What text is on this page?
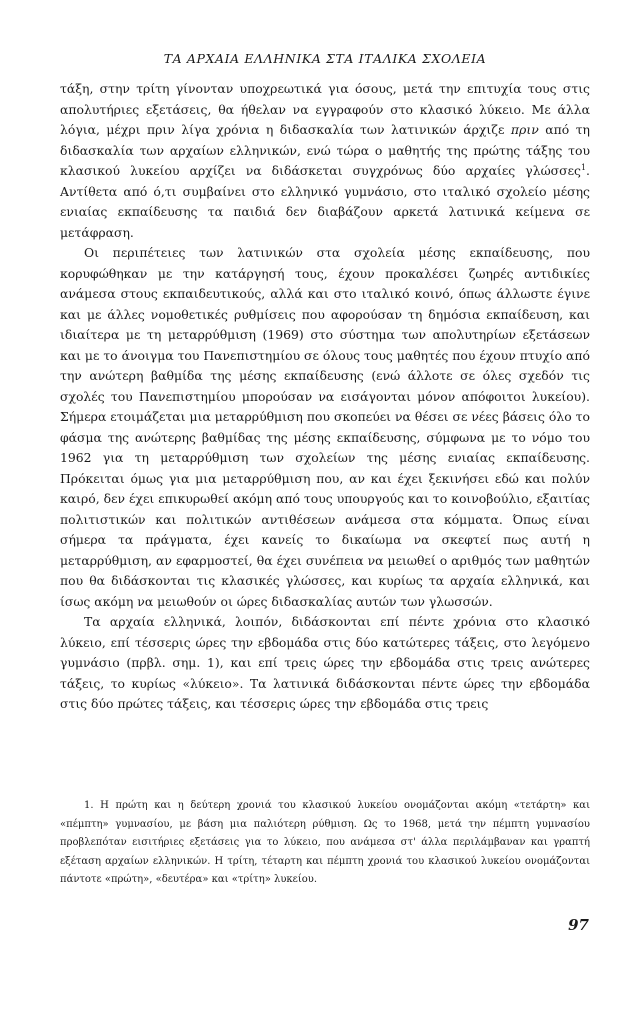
ΤΑ ΑΡΧΑΙΑ ΕΛΛΗΝΙΚΑ ΣΤΑ ΙΤΑΛΙΚΑ ΣΧΟΛΕΙΑ

τάξη, στην τρίτη γίνονταν υποχρεωτικά για όσους, μετά την επιτυχία τους στις απολυτήριες εξετάσεις, θα ήθελαν να εγγραφούν στο κλασικό λύκειο. Με άλλα λόγια, μέχρι πριν λίγα χρόνια η διδασκαλία των λατινικών άρχιζε πριν από τη διδασκαλία των αρχαίων ελληνικών, ενώ τώρα ο μαθητής της πρώτης τάξης του κλασικού λυκείου αρχίζει να διδάσκεται συγχρόνως δύο αρχαίες γλώσσες$^1$. Αντίθετα από ό,τι συμβαίνει στο ελληνικό γυμνάσιο, στο ιταλικό σχολείο μέσης ενιαίας εκπαίδευσης τα παιδιά δεν διαβάζουν αρκετά λατινικά κείμενα σε μετάφραση.

Οι περιπέτειες των λατινικών στα σχολεία μέσης εκπαίδευσης, που κορυφώθηκαν με την κατάργησή τους, έχουν προκαλέσει ζωηρές αντιδικίες ανάμεσα στους εκπαιδευτικούς, αλλά και στο ιταλικό κοινό, όπως άλλωστε έγινε και με άλλες νομοθετικές ρυθμίσεις που αφορούσαν τη δημόσια εκπαίδευση, και ιδιαίτερα με τη μεταρρύθμιση (1969) στο σύστημα των απολυτηρίων εξετάσεων και με το άνοιγμα του Πανεπιστημίου σε όλους τους μαθητές που έχουν πτυχίο από την ανώτερη βαθμίδα της μέσης εκπαίδευσης (ενώ άλλοτε σε όλες σχεδόν τις σχολές του Πανεπιστημίου μπορούσαν να εισάγονται μόνον απόφοιτοι λυκείου). Σήμερα ετοιμάζεται μια μεταρρύθμιση που σκοπεύει να θέσει σε νέες βάσεις όλο το φάσμα της ανώτερης βαθμίδας της μέσης εκπαίδευσης, σύμφωνα με το νόμο του 1962 για τη μεταρρύθμιση των σχολείων της μέσης ενιαίας εκπαίδευσης. Πρόκειται όμως για μια μεταρρύθμιση που, αν και έχει ξεκινήσει εδώ και πολύν καιρό, δεν έχει επικυρωθεί ακόμη από τους υπουργούς και το κοινοβούλιο, εξαιτίας πολιτιστικών και πολιτικών αντιθέσεων ανάμεσα στα κόμματα. Όπως είναι σήμερα τα πράγματα, έχει κανείς το δικαίωμα να σκεφτεί πως αυτή η μεταρρύθμιση, αν εφαρμοστεί, θα έχει συνέπεια να μειωθεί ο αριθμός των μαθητών που θα διδάσκονται τις κλασικές γλώσσες, και κυρίως τα αρχαία ελληνικά, και ίσως ακόμη να μειωθούν οι ώρες διδασκαλίας αυτών των γλωσσών.

Τα αρχαία ελληνικά, λοιπόν, διδάσκονται επί πέντε χρόνια στο κλασικό λύκειο, επί τέσσερις ώρες την εβδομάδα στις δύο κατώτερες τάξεις, στο λεγόμενο γυμνάσιο (πρβλ. σημ. 1), και επί τρεις ώρες την εβδομάδα στις τρεις ανώτερες τάξεις, το κυρίως «λύκειο». Τα λατινικά διδάσκονται πέντε ώρες την εβδομάδα στις δύο πρώτες τάξεις, και τέσσερις ώρες την εβδομάδα στις τρεις

1. Η πρώτη και η δεύτερη χρονιά του κλασικού λυκείου ονομάζονται ακόμη «τετάρτη» και «πέμπτη» γυμνασίου, με βάση μια παλιότερη ρύθμιση. Ως το 1968, μετά την πέμπτη γυμνασίου προβλεπόταν εισιτήριες εξετάσεις για το λύκειο, που ανάμεσα στ' άλλα περιλάμβαναν και γραπτή εξέταση αρχαίων ελληνικών. Η τρίτη, τέταρτη και πέμπτη χρονιά του κλασικού λυκείου ονομάζονται πάντοτε «πρώτη», «δευτέρα» και «τρίτη» λυκείου.

97
